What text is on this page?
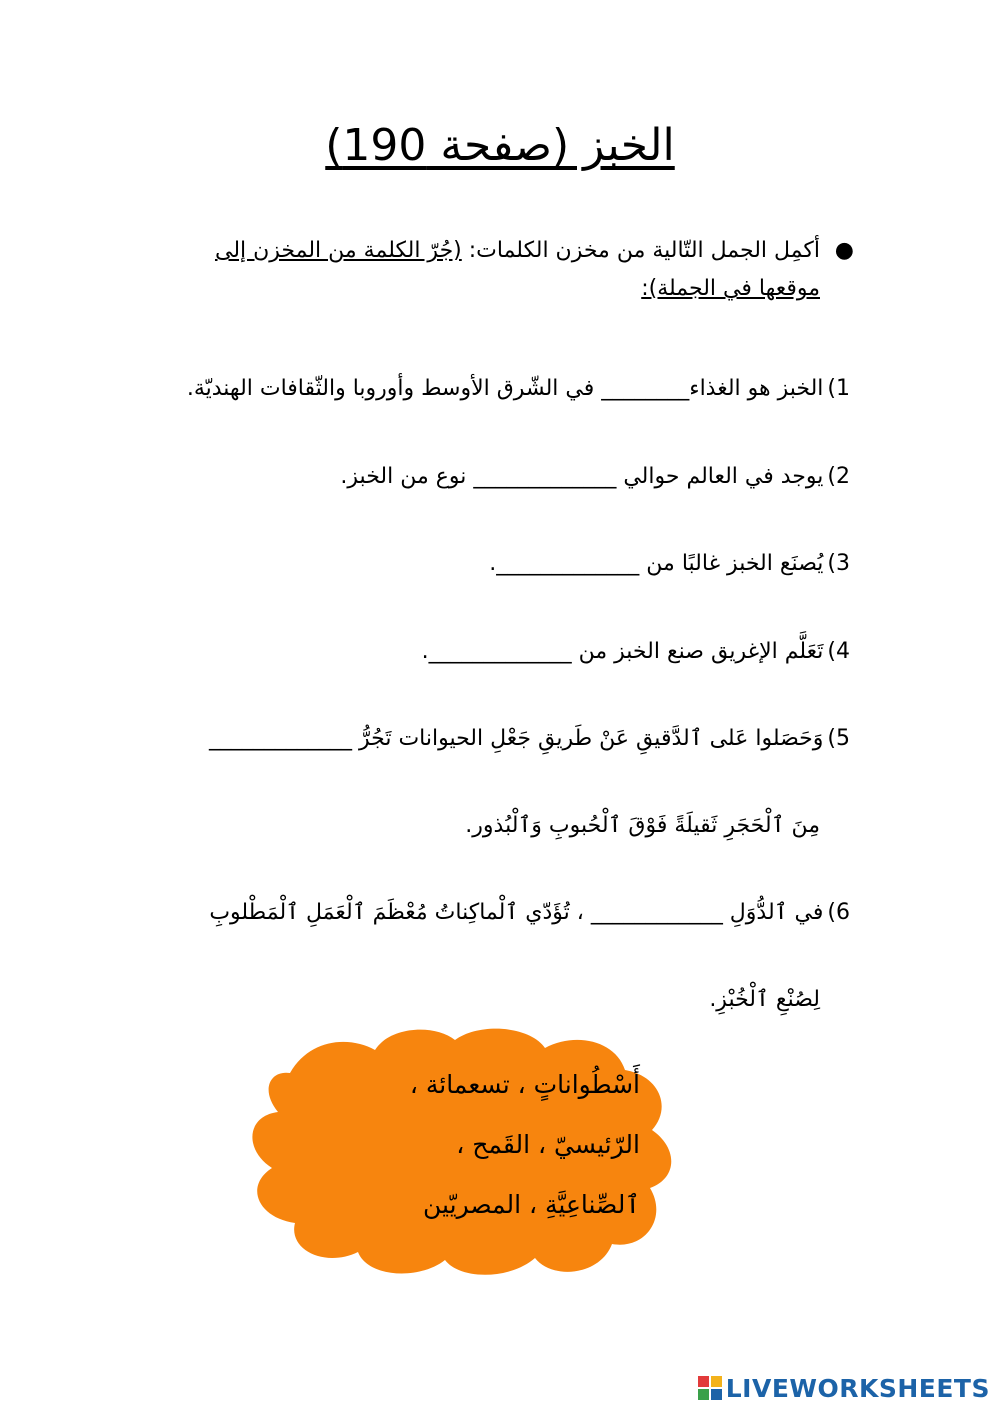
الخبز (صفحة 190)
●
أكمِل الجمل التّالية من مخزن الكلمات: (جُرّ الكلمة من المخزن إلى موقعها في الجملة):
1)الخبز هو الغذاء________ في الشّرق الأوسط وأوروبا والثّقافات الهنديّة.
2)يوجد في العالم حوالي _____________ نوع من الخبز.
3)يُصنَع الخبز غالبًا من _____________.
4)تَعَلَّم الإغريق صنع الخبز من _____________.
5)وَحَصَلوا عَلى ٱلدَّقيقِ عَنْ طَريقِ جَعْلِ الحيوانات تَجُرُّ _____________
مِنَ ٱلْحَجَرِ ثَقيلَةً فَوْقَ ٱلْحُبوبِ وَٱلْبُذور.
6)في ٱلدُّوَلِ ____________ ، تُؤَدّي ٱلْماكِناتُ مُعْظَمَ ٱلْعَمَلِ ٱلْمَطْلوبِ
لِصُنْعِ ٱلْخُبْزِ.
أَسْطُواناتٍ ، تسعمائة ،
الرّئيسيّ ، القَمح ،
ٱلصِّناعِيَّةِ ، المصريّين
LIVEWORKSHEETS
